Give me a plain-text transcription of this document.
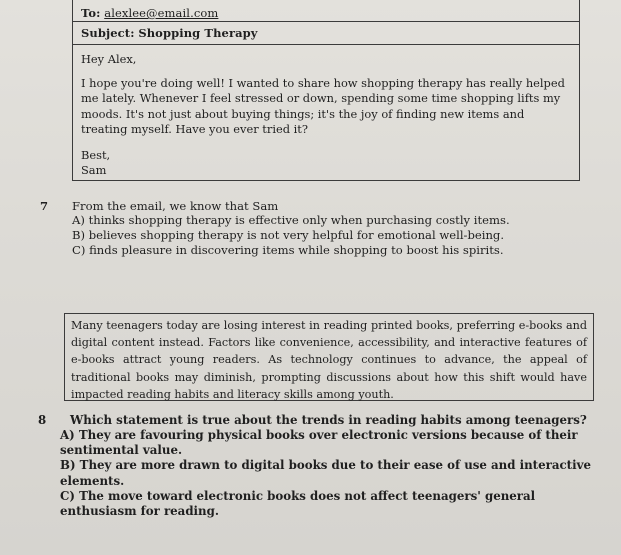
To: alexlee@email.com
Subject: Shopping Therapy

Hey Alex,

I hope you're doing well! I wanted to share how shopping therapy has really helped me lately. Whenever I feel stressed or down, spending some time shopping lifts my moods. It's not just about buying things; it's the joy of finding new items and treating myself. Have you ever tried it?

Best,

Sam

7 From the email, we know that Sam

A) thinks shopping therapy is effective only when purchasing costly items.

B) believes shopping therapy is not very helpful for emotional well-being.

C) finds pleasure in discovering items while shopping to boost his spirits.

Many teenagers today are losing interest in reading printed books, preferring e-books and digital content instead. Factors like convenience, accessibility, and interactive features of e-books attract young readers. As technology continues to advance, the appeal of traditional books may diminish, prompting discussions about how this shift would have impacted reading habits and literacy skills among youth.
8 Which statement is true about the trends in reading habits among teenagers?

A) They are favouring physical books over electronic versions because of their sentimental value.

B) They are more drawn to digital books due to their ease of use and interactive elements.

C) The move toward electronic books does not affect teenagers' general enthusiasm for reading.
